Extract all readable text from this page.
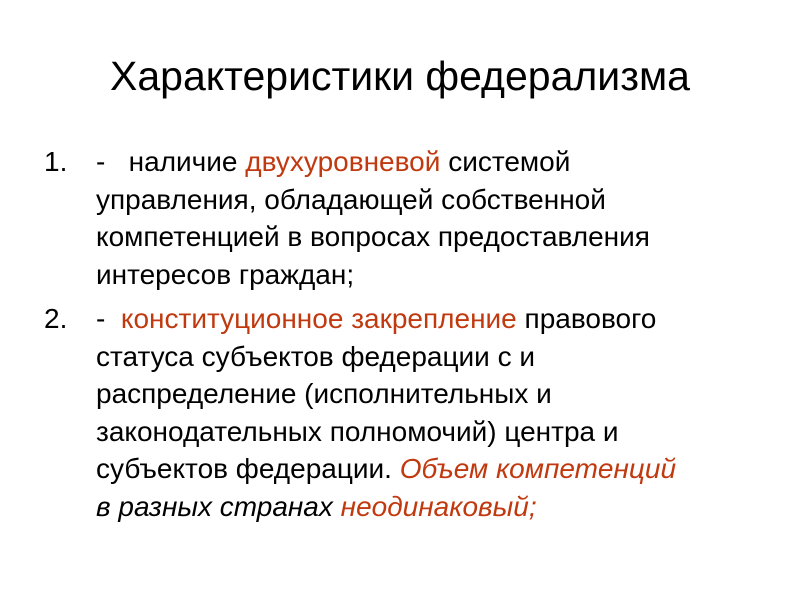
Характеристики федерализма
1. - наличие двухуровневой системой
управления, обладающей собственной
компетенцией в вопросах предоставления
интересов граждан;
2. - конституционное закрепление правового
статуса субъектов федерации с и
распределение (исполнительных и
законодательных полномочий) центра и
субъектов федерации. Объем компетенций
в разных странах неодинаковый;
